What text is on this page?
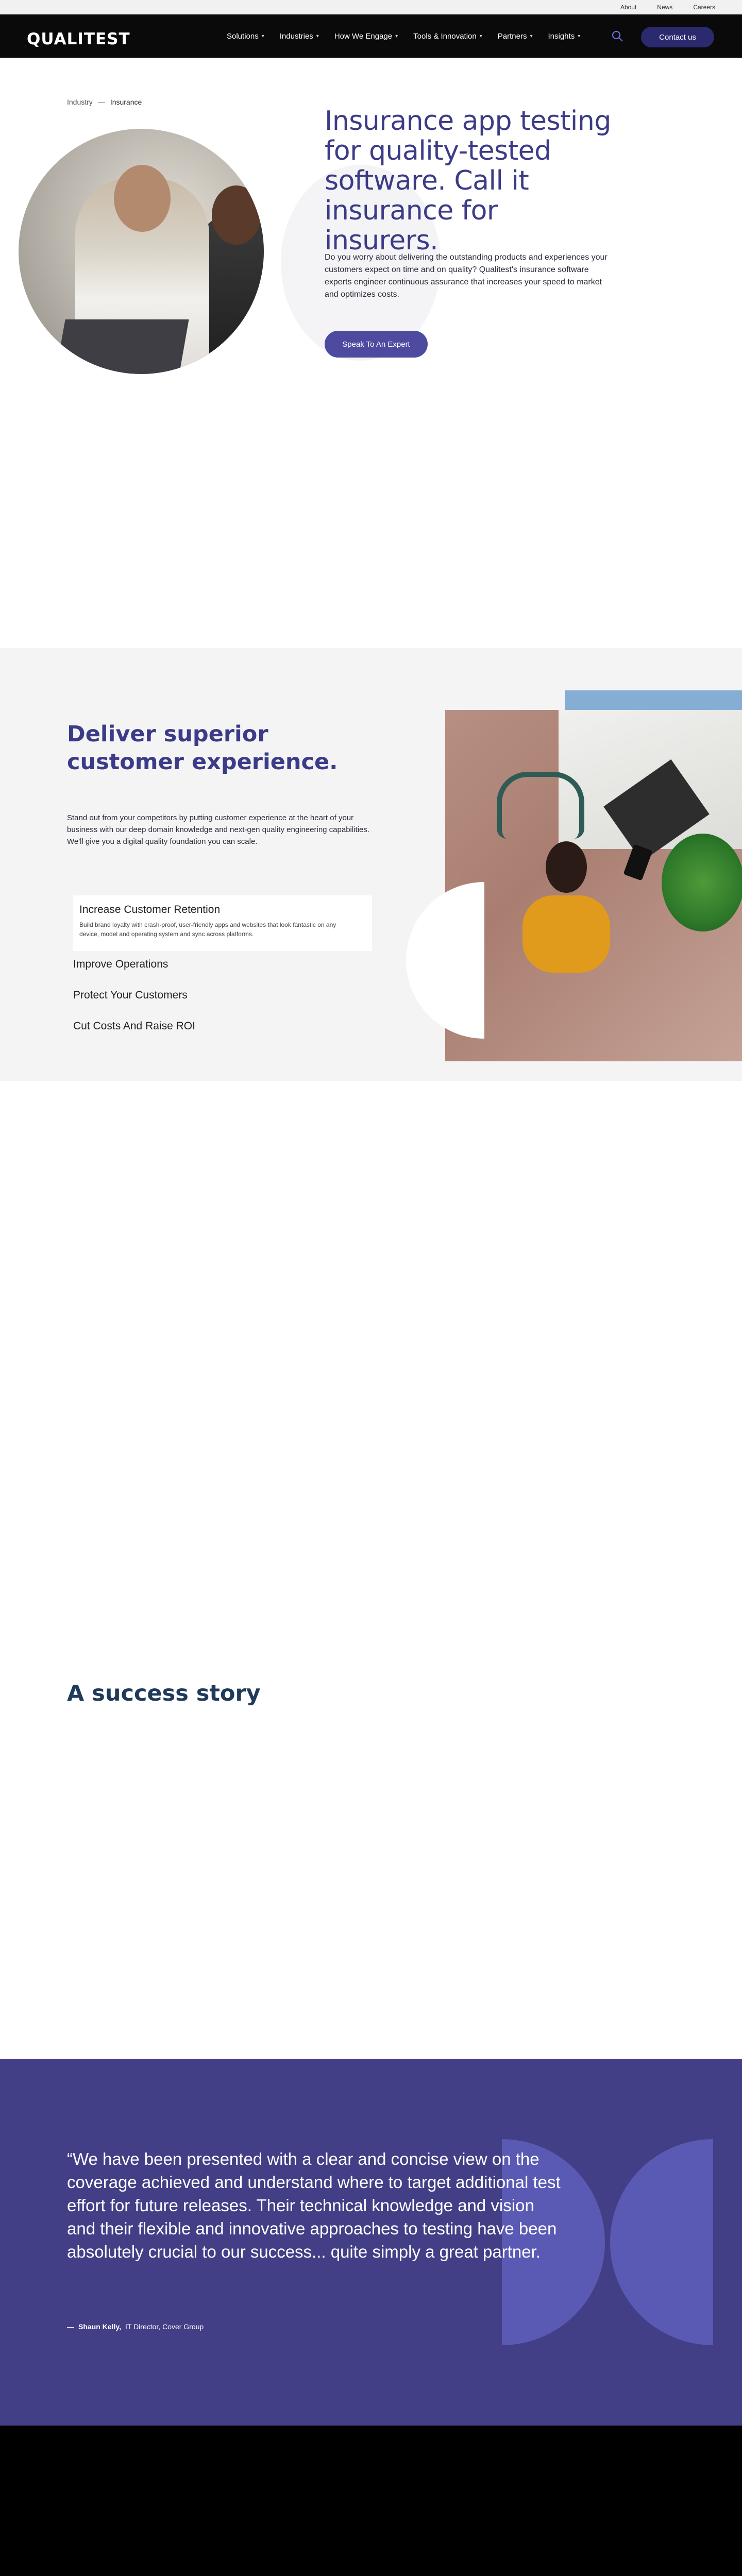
About	News	Careers
QUALITEST	Solutions ▾ Industries ▾ How We Engage ▾ Tools & Innovation ▾ Partners ▾ Insights ▾	Contact us
Industry — Insurance
Insurance app testing for quality-tested software. Call it insurance for insurers.

Do you worry about delivering the outstanding products and experiences your customers expect on time and on quality? Qualitest's insurance software experts engineer continuous assurance that increases your speed to market and optimizes costs.

Speak To An Expert
Deliver superior customer experience.

Stand out from your competitors by putting customer experience at the heart of your business with our deep domain knowledge and next-gen quality engineering capabilities. We'll give you a digital quality foundation you can scale.

Increase Customer Retention
Build brand loyalty with crash-proof, user-friendly apps and websites that look fantastic on any device, model and operating system and sync across platforms.
Improve Operations
Protect Your Customers
Cut Costs And Raise ROI
A success story

“We have been presented with a clear and concise view on the coverage achieved and understand where to target additional test effort for future releases. Their technical knowledge and vision and their flexible and innovative approaches to testing have been absolutely crucial to our success... quite simply a great partner.

— Shaun Kelly, IT Director, Cover Group
